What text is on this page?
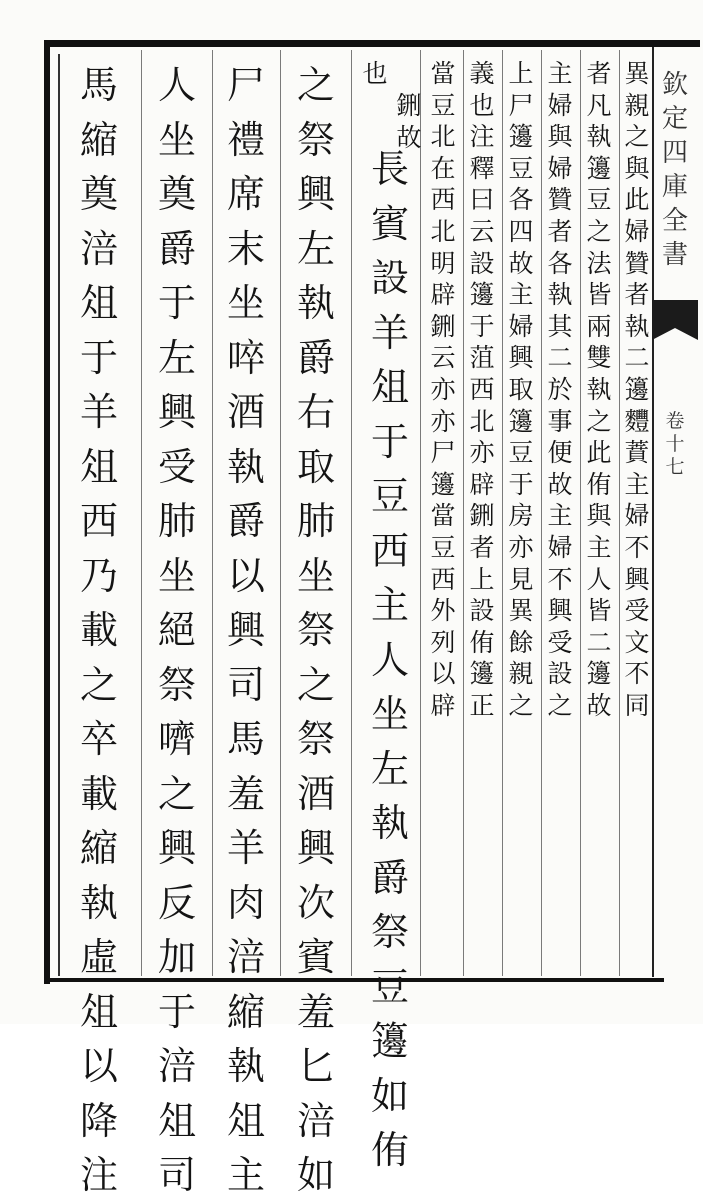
欽定四庫全書
卷十七
異親之與此婦贊者執二籩麷蕡主婦不興受文不同
者凡執籩豆之法皆兩雙執之此侑與主人皆二籩故
主婦與婦贊者各執其二於事便故主婦不興受設之
上尸籩豆各四故主婦興取籩豆于房亦見異餘親之
義也注釋曰云設籩于菹西北亦辟鉶者上設侑籩正
當豆北在西北明辟鉶云亦亦尸籩當豆西外列以辟
鉶故
也
長賓設羊俎于豆西主人坐左執爵祭豆籩如侑
之祭興左執爵右取肺坐祭之祭酒興次賓羞匕涪如
尸禮席末坐啐酒執爵以興司馬羞羊肉涪縮執俎主
人坐奠爵于左興受肺坐絕祭嚌之興反加于涪俎司
馬縮奠涪俎于羊俎西乃載之卒載縮執虛俎以降注
